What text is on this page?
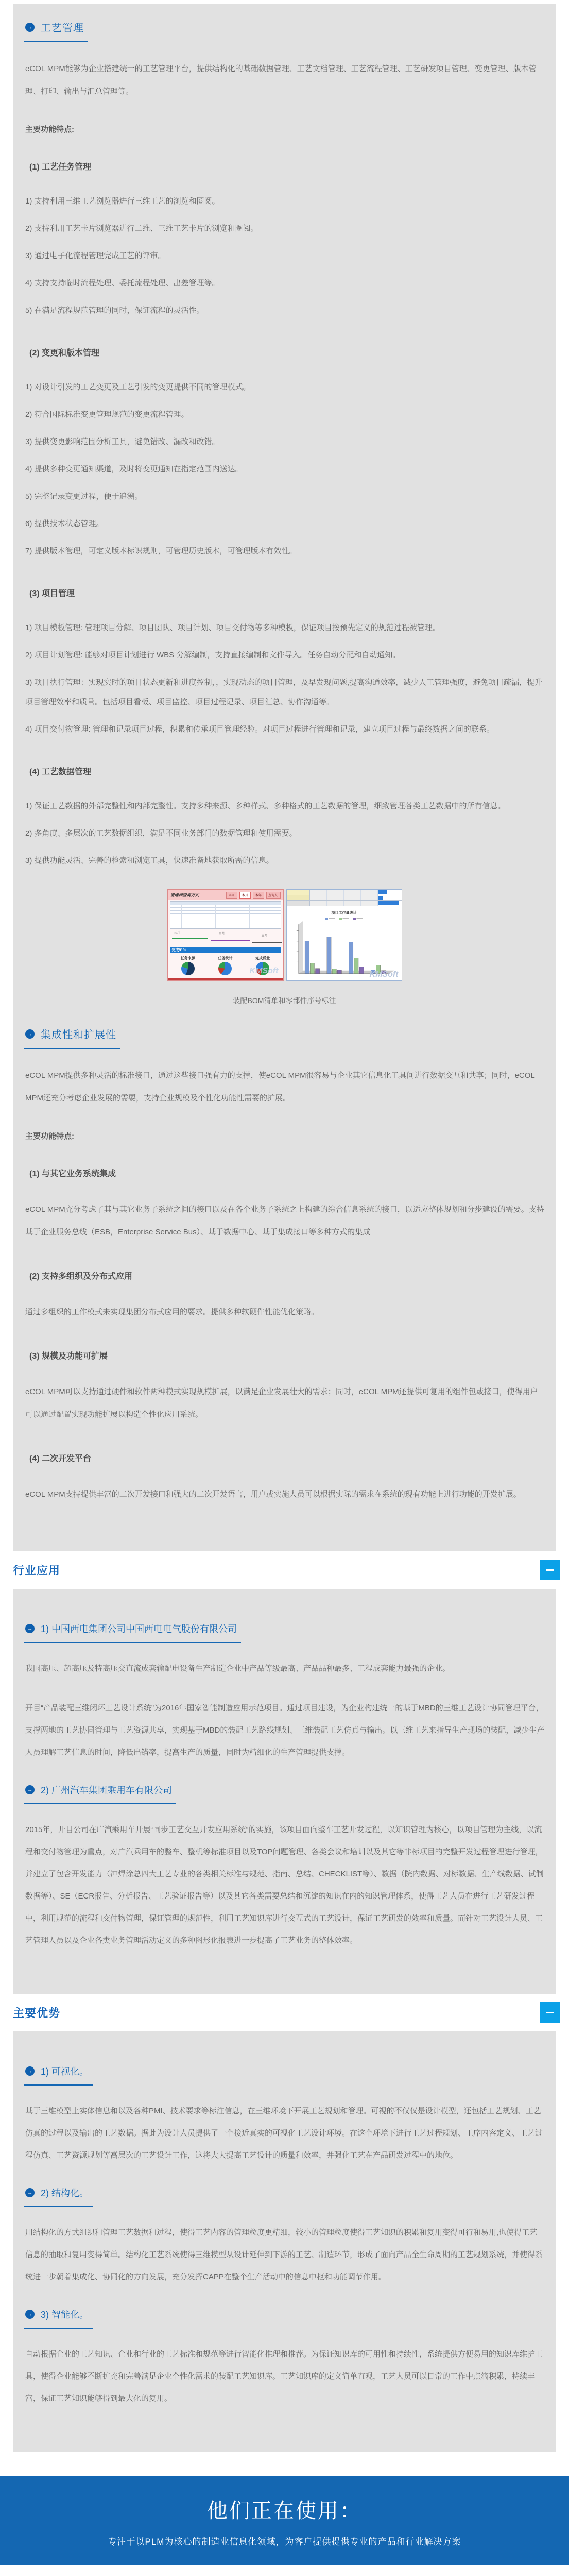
→ 工艺管理

eCOL MPM能够为企业搭建统一的工艺管理平台，提供结构化的基础数据管理、工艺文档管理、工艺流程管理、工艺研发项目管理、变更管理、版本管理、打印、输出与汇总管理等。

主要功能特点:

(1) 工艺任务管理

1) 支持利用三维工艺浏览器进行三维工艺的浏览和圈阅。

2) 支持利用工艺卡片浏览器进行二维、三维工艺卡片的浏览和圈阅。

3) 通过电子化流程管理完成工艺的评审。

4) 支持支持临时流程处理、委托流程处理、出差管理等。

5) 在满足流程规范管理的同时，保证流程的灵活性。

(2) 变更和版本管理

1) 对设计引发的工艺变更及工艺引发的变更提供不同的管理模式。

2) 符合国际标准变更管理规范的变更流程管理。

3) 提供变更影响范围分析工具，避免错改、漏改和改错。

4) 提供多种变更通知渠道，及时将变更通知在指定范围内送达。

5) 完整记录变更过程，便于追溯。

6) 提供技术状态管理。

7) 提供版本管理，可定义版本标识规则，可管理历史版本，可管理版本有效性。

(3) 项目管理

1) 项目模板管理: 管理项目分解、项目团队、项目计划、项目交付物等多种模板，保证项目按预先定义的规范过程被管理。

2) 项目计划管理: 能够对项目计划进行 WBS 分解编制，支持直接编制和文件导入。任务自动分配和自动通知。

3) 项目执行管理：实现实时的项目状态更新和进度控制，，实现动态的项目管理，及早发现问题,提高沟通效率，减少人工管理强度，避免项目疏漏，提升项目管理效率和质量。包括项目看板、项目监控、项目过程记录、项目汇总、协作沟通等。

4) 项目交付物管理: 管理和记录项目过程，积累和传承项目管理经验。对项目过程进行管理和记录，建立项目过程与最终数据之间的联系。

(4) 工艺数据管理

1) 保证工艺数据的外部完整性和内部完整性。支持多种来源、多种样式、多种格式的工艺数据的管理，细致管理各类工艺数据中的所有信息。

2) 多角度、多层次的工艺数据组织，满足不同业务部门的数据管理和使用需要。

3) 提供功能灵活、完善的检索和浏览工具，快速准备地获取所需的信息。

请选择查询方式	本周	本月	本年	查询人:
三月	四月
五月
完成91%
任务来源	任务统计	完成质量
KMSoft
项目工作量统计
——	——	——
KMSoft

装配BOM清单和零部件序号标注

→ 集成性和扩展性

eCOL MPM提供多种灵活的标准接口，通过这些接口强有力的支撑，使eCOL MPM很容易与企业其它信息化工具间进行数据交互和共享；同时，eCOL MPM还充分考虑企业发展的需要，支持企业规模及个性化功能性需要的扩展。

主要功能特点:

(1) 与其它业务系统集成

eCOL MPM充分考虑了其与其它业务子系统之间的接口以及在各个业务子系统之上构建的综合信息系统的接口，以适应整体规划和分步建设的需要。支持基于企业服务总线（ESB，Enterprise Service Bus）、基于数据中心、基于集成接口等多种方式的集成

(2) 支持多组织及分布式应用

通过多组织的工作模式来实现集团分布式应用的要求。提供多种软硬件性能优化策略。

(3) 规模及功能可扩展

eCOL MPM可以支持通过硬件和软件两种模式实现规模扩展，以满足企业发展壮大的需求；同时，eCOL MPM还提供可复用的组件包或接口，使得用户可以通过配置实现功能扩展以构造个性化应用系统。

(4) 二次开发平台

eCOL MPM支持提供丰富的二次开发接口和强大的二次开发语言，用户或实施人员可以根据实际的需求在系统的现有功能上进行功能的开发扩展。

行业应用
→ 1) 中国西电集团公司中国西电电气股份有限公司

我国高压、超高压及特高压交直流成套输配电设备生产制造企业中产品等级最高、产品品种最多、工程成套能力最强的企业。

开目“产品装配三维闭环工艺设计系统”为2016年国家智能制造应用示范项目。通过项目建设，为企业构建统一的基于MBD的三维工艺设计协同管理平台，支撑两地的工艺协同管理与工艺资源共享，实现基于MBD的装配工艺路线规划、三维装配工艺仿真与输出。以三维工艺来指导生产现场的装配，减少生产人员理解工艺信息的时间，降低出错率，提高生产的质量，同时为精细化的生产管理提供支撑。

→ 2) 广州汽车集团乘用车有限公司

2015年，开目公司在广汽乘用车开展“同步工艺交互开发应用系统”的实施，该项目面向整车工艺开发过程，以知识管理为核心，以项目管理为主线，以流程和交付物管理为重点，对广汽乘用车的整车、整机等标准项目以及TOP问题管理、各类会议和培训以及其它等非标项目的完整开发过程管理进行管理，并建立了包含开发能力（冲焊涂总四大工艺专业的各类相关标准与规范、指南、总结、CHECKLIST等）、数据（院内数据、对标数据、生产线数据、试制数据等）、SE（ECR报告、分析报告、工艺验证报告等）以及其它各类需要总结和沉淀的知识在内的知识管理体系，使得工艺人员在进行工艺研发过程中，利用规范的流程和交付物管理，保证管理的规范性，利用工艺知识库进行交互式的工艺设计，保证工艺研发的效率和质量。而针对工艺设计人员、工艺管理人员以及企业各类业务管理活动定义的多种图形化报表进一步提高了工艺业务的整体效率。

主要优势
→ 1) 可视化。

基于三维模型上实体信息和以及各种PMI、技术要求等标注信息，在三维环境下开展工艺规划和管理。可视的不仅仅是设计模型，还包括工艺规划、工艺仿真的过程以及输出的工艺数据。据此为设计人员提供了一个接近真实的可视化工艺设计环境。在这个环境下进行工艺过程规划、工序内容定义、工艺过程仿真、工艺资源规划等高层次的工艺设计工作，这将大大提高工艺设计的质量和效率，并强化工艺在产品研发过程中的地位。

→ 2) 结构化。

用结构化的方式组织和管理工艺数据和过程，使得工艺内容的管理粒度更精细，较小的管理粒度使得工艺知识的积累和复用变得可行和易用,也使得工艺信息的抽取和复用变得简单。结构化工艺系统使得三维模型从设计延伸到下游的工艺、制造环节，形成了面向产品全生命周期的工艺规划系统，并使得系统进一步朝着集成化、协同化的方向发展，充分发挥CAPP在整个生产活动中的信息中枢和功能调节作用。

→ 3) 智能化。

自动根据企业的工艺知识、企业和行业的工艺标准和规范等进行智能化推理和推荐。为保证知识库的可用性和持续性，系统提供方便易用的知识库维护工具，使得企业能够不断扩充和完善满足企业个性化需求的装配工艺知识库。工艺知识库的定义简单直观，工艺人员可以日常的工作中点滴积累，持续丰富，保证工艺知识能够得到最大化的复用。

他们正在使用：
专注于以PLM为核心的制造业信息化领域，为客户提供提供专业的产品和行业解决方案
